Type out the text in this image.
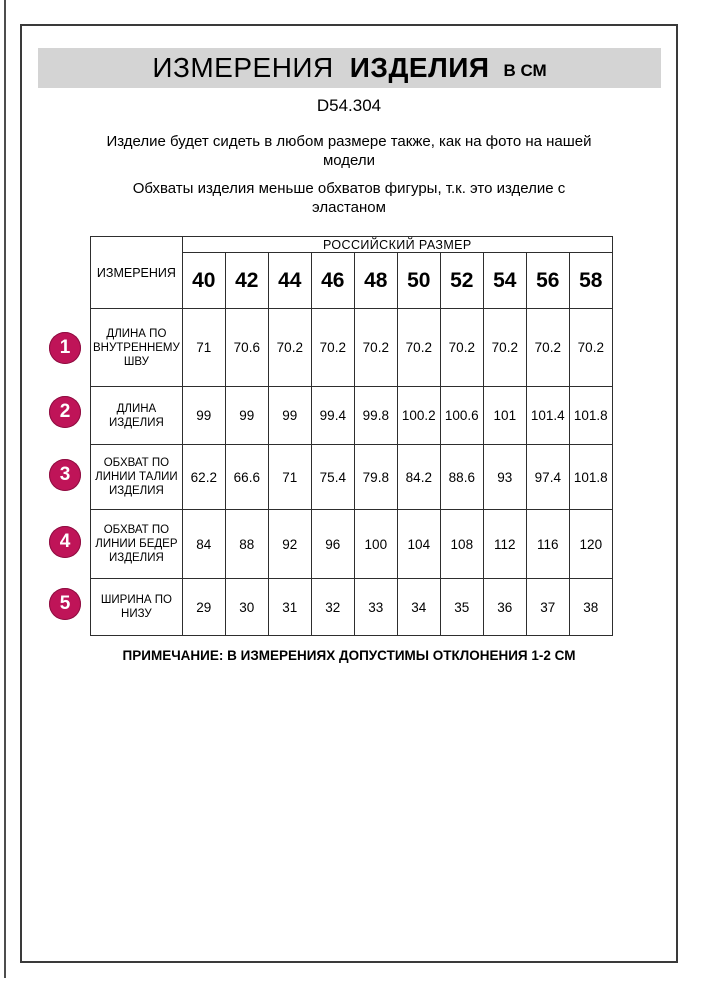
ИЗМЕРЕНИЯ ИЗДЕЛИЯ В СМ
D54.304
Изделие будет сидеть в любом размере также, как на фото на нашей модели
Обхваты изделия меньше обхватов фигуры, т.к. это изделие с эластаном
ИЗМЕРЕНИЯ	РОССИЙСКИЙ РАЗМЕР									
	40	42	44	46	48	50	52	54	56	58
ДЛИНА ПО ВНУТРЕННЕМУ ШВУ	71	70.6	70.2	70.2	70.2	70.2	70.2	70.2	70.2	70.2
ДЛИНА ИЗДЕЛИЯ	99	99	99	99.4	99.8	100.2	100.6	101	101.4	101.8
ОБХВАТ ПО ЛИНИИ ТАЛИИ ИЗДЕЛИЯ	62.2	66.6	71	75.4	79.8	84.2	88.6	93	97.4	101.8
ОБХВАТ ПО ЛИНИИ БЕДЕР ИЗДЕЛИЯ	84	88	92	96	100	104	108	112	116	120
ШИРИНА ПО НИЗУ	29	30	31	32	33	34	35	36	37	38
1
2
3
4
5
ПРИМЕЧАНИЕ: В ИЗМЕРЕНИЯХ ДОПУСТИМЫ ОТКЛОНЕНИЯ 1-2 СМ
